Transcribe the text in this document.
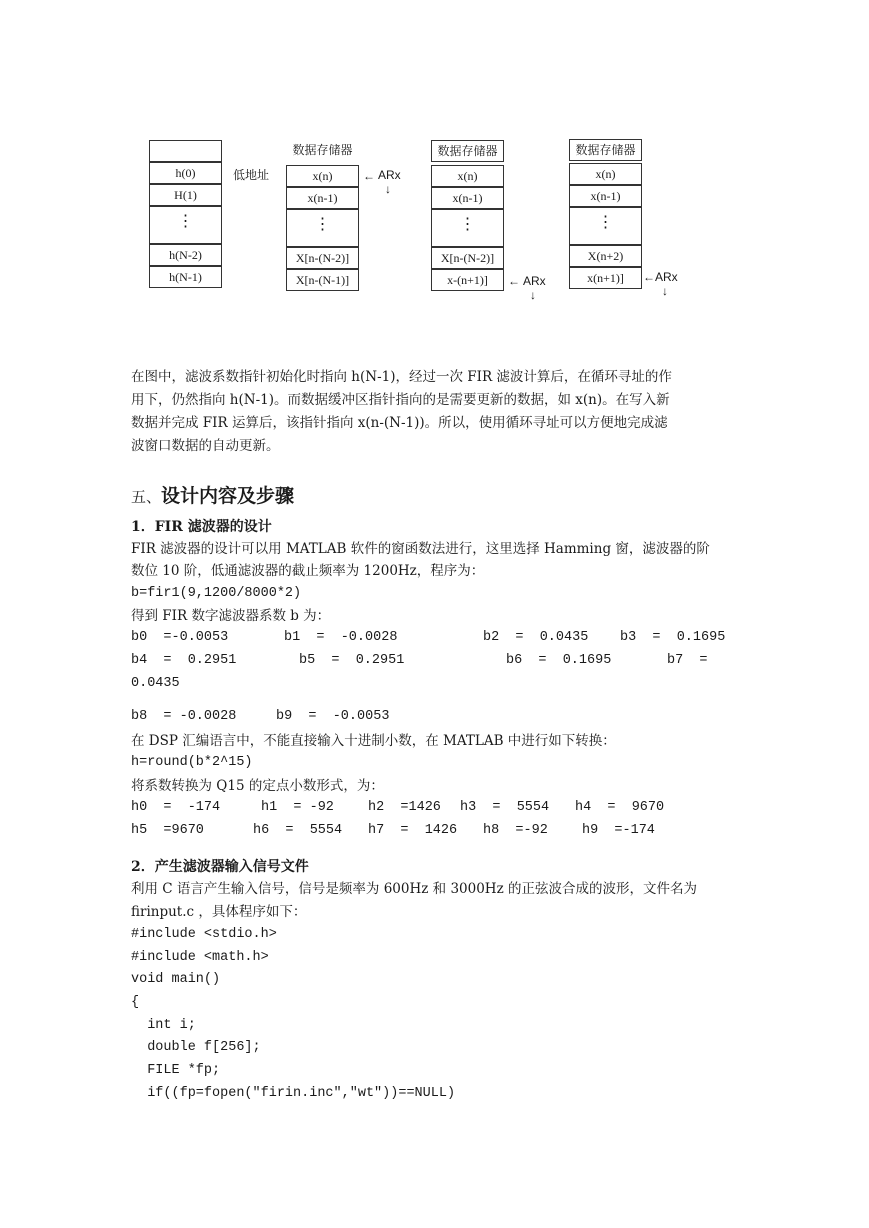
h(0)
H(1)
⋮
h(N-2)
h(N-1)
低地址
数据存储器
x(n)
x(n-1)
⋮
X[n-(N-2)]
X[n-(N-1)]
← ARx
↓
数据存储器
x(n)
x(n-1)
⋮
X[n-(N-2)]
x-(n+1)]	← ARx
↓
数据存储器
x(n)
x(n-1)
⋮
X(n+2)
x(n+1)]	← ARx
↓
在图中，滤波系数指针初始化时指向 h(N-1)，经过一次 FIR 滤波计算后，在循环寻址的作
用下，仍然指向 h(N-1)。而数据缓冲区指针指向的是需要更新的数据，如 x(n)。在写入新
数据并完成 FIR 运算后，该指针指向 x(n-(N-1))。所以，使用循环寻址可以方便地完成滤
波窗口数据的自动更新。
五、设计内容及步骤
1．FIR 滤波器的设计
FIR 滤波器的设计可以用 MATLAB 软件的窗函数法进行，这里选择 Hamming 窗，滤波器的阶
数位 10 阶，低通滤波器的截止频率为 1200Hz，程序为：
b=fir1(9,1200/8000*2)
得到 FIR 数字滤波器系数 b 为：
b0  =-0.0053	b1  =  -0.0028	b2  =  0.0435 b3  =  0.1695
b4  =  0.2951	b5  =  0.2951	b6  =  0.1695	b7  =
0.0435
b8  = -0.0028	b9  =  -0.0053
在 DSP 汇编语言中，不能直接输入十进制小数，在 MATLAB 中进行如下转换：
h=round(b*2^15)
将系数转换为 Q15 的定点小数形式，为：
h0  =  -174	h1  = -92	h2  =1426 h3  =  5554 h4  =  9670
h5  =9670	h6  =  5554 h7  =  1426 h8  =-92	h9  =-174
2．产生滤波器输入信号文件
利用 C 语言产生输入信号，信号是频率为 600Hz 和 3000Hz 的正弦波合成的波形，文件名为
firinput.c ，具体程序如下：
#include <stdio.h>
#include <math.h>
void main()
{
int i;
double f[256];
FILE *fp;
if((fp=fopen("firin.inc","wt"))==NULL)
